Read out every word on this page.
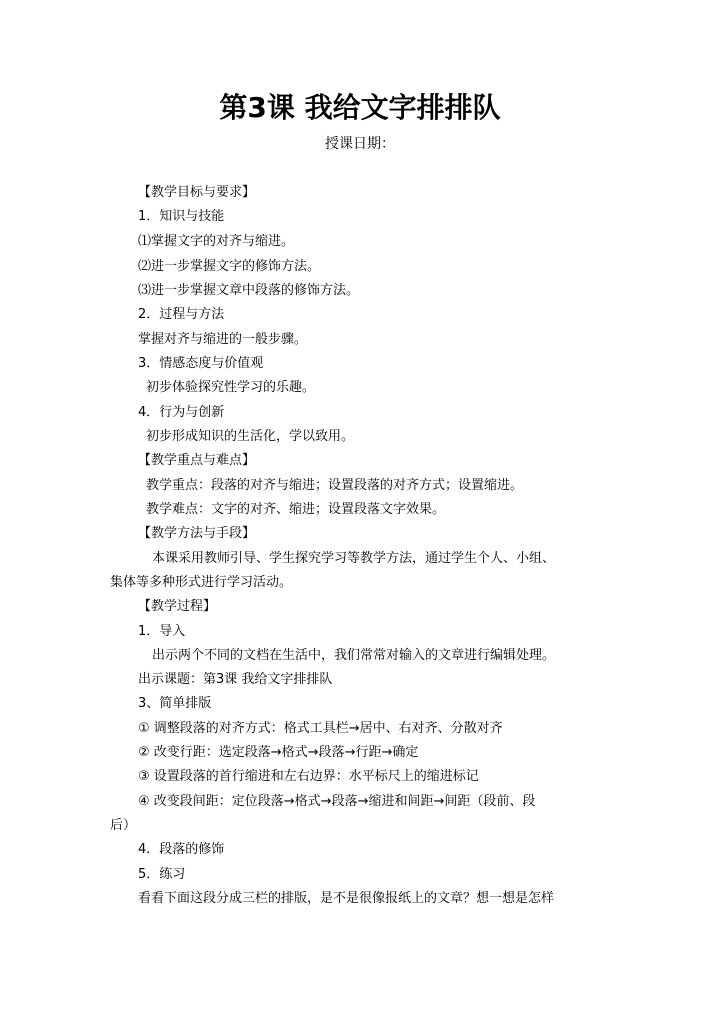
第3课 我给文字排排队
授课日期：
【教学目标与要求】
1．知识与技能
⑴掌握文字的对齐与缩进。
⑵进一步掌握文字的修饰方法。
⑶进一步掌握文章中段落的修饰方法。
2．过程与方法
掌握对齐与缩进的一般步骤。
3．情感态度与价值观
初步体验探究性学习的乐趣。
4．行为与创新
初步形成知识的生活化，学以致用。
【教学重点与难点】
教学重点：段落的对齐与缩进；设置段落的对齐方式；设置缩进。
教学难点：文字的对齐、缩进；设置段落文字效果。
【教学方法与手段】
本课采用教师引导、学生探究学习等教学方法，通过学生个人、小组、
集体等多种形式进行学习活动。
【教学过程】
1．导入
出示两个不同的文档在生活中，我们常常对输入的文章进行编辑处理。
出示课题：第3课 我给文字排排队
3、简单排版
① 调整段落的对齐方式：格式工具栏→居中、右对齐、分散对齐
② 改变行距：选定段落→格式→段落→行距→确定
③ 设置段落的首行缩进和左右边界：水平标尺上的缩进标记
④ 改变段间距：定位段落→格式→段落→缩进和间距→间距（段前、段
后）
4．段落的修饰
5．练习
看看下面这段分成三栏的排版，是不是很像报纸上的文章？想一想是怎样
